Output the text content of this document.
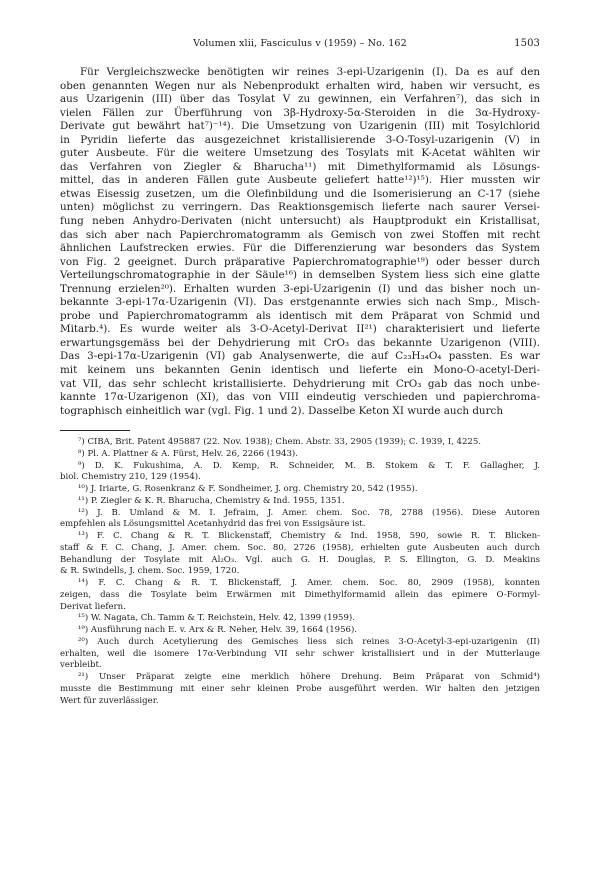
Volumen xlii, Fasciculus v (1959) – No. 162	1503
Für Vergleichszwecke benötigten wir reines 3-epi-Uzarigenin (I). Da es auf den
oben genannten Wegen nur als Nebenprodukt erhalten wird, haben wir versucht, es
aus Uzarigenin (III) über das Tosylat V zu gewinnen, ein Verfahren⁷), das sich in
vielen Fällen zur Überführung von 3β-Hydroxy-5α-Steroiden in die 3α-Hydroxy-
Derivate gut bewährt hat⁷)⁻¹⁴). Die Umsetzung von Uzarigenin (III) mit Tosylchlorid
in Pyridin lieferte das ausgezeichnet kristallisierende 3-O-Tosyl-uzarigenin (V) in
guter Ausbeute. Für die weitere Umsetzung des Tosylats mit K-Acetat wählten wir
das Verfahren von Ziegler & Bharucha¹¹) mit Dimethylformamid als Lösungs-
mittel, das in anderen Fällen gute Ausbeute geliefert hatte¹²)¹⁵). Hier mussten wir
etwas Eisessig zusetzen, um die Olefinbildung und die Isomerisierung an C-17 (siehe
unten) möglichst zu verringern. Das Reaktionsgemisch lieferte nach saurer Versei-
fung neben Anhydro-Derivaten (nicht untersucht) als Hauptprodukt ein Kristallisat,
das sich aber nach Papierchromatogramm als Gemisch von zwei Stoffen mit recht
ähnlichen Laufstrecken erwies. Für die Differenzierung war besonders das System
von Fig. 2 geeignet. Durch präparative Papierchromatographie¹⁹) oder besser durch
Verteilungschromatographie in der Säule¹⁶) in demselben System liess sich eine glatte
Trennung erzielen²⁰). Erhalten wurden 3-epi-Uzarigenin (I) und das bisher noch un-
bekannte 3-epi-17α-Uzarigenin (VI). Das erstgenannte erwies sich nach Smp., Misch-
probe und Papierchromatogramm als identisch mit dem Präparat von Schmid und
Mitarb.⁴). Es wurde weiter als 3-O-Acetyl-Derivat II²¹) charakterisiert und lieferte
erwartungsgemäss bei der Dehydrierung mit CrO₃ das bekannte Uzarigenon (VIII).
Das 3-epi-17α-Uzarigenin (VI) gab Analysenwerte, die auf C₂₃H₃₄O₄ passten. Es war
mit keinem uns bekannten Genin identisch und lieferte ein Mono-O-acetyl-Deri-
vat VII, das sehr schlecht kristallisierte. Dehydrierung mit CrO₃ gab das noch unbe-
kannte 17α-Uzarigenon (XI), das von VIII eindeutig verschieden und papierchroma-
tographisch einheitlich war (vgl. Fig. 1 und 2). Dasselbe Keton XI wurde auch durch
⁷) CIBA, Brit. Patent 495887 (22. Nov. 1938); Chem. Abstr. 33, 2905 (1939); C. 1939, I, 4225.
⁸) Pl. A. Plattner & A. Fürst, Helv. 26, 2266 (1943).
⁹) D. K. Fukushima, A. D. Kemp, R. Schneider, M. B. Stokem & T. F. Gallagher, J.
biol. Chemistry 210, 129 (1954).
¹⁰) J. Iriarte, G. Rosenkranz & F. Sondheimer, J. org. Chemistry 20, 542 (1955).
¹¹) P. Ziegler & K. R. Bharucha, Chemistry & Ind. 1955, 1351.
¹²) J. B. Umland & M. I. Jefraim, J. Amer. chem. Soc. 78, 2788 (1956). Diese Autoren
empfehlen als Lösungsmittel Acetanhydrid das frei von Essigsäure ist.
¹³) F. C. Chang & R. T. Blickenstaff, Chemistry & Ind. 1958, 590, sowie R. T. Blicken-
staff & F. C. Chang, J. Amer. chem. Soc. 80, 2726 (1958), erhielten gute Ausbeuten auch durch
Behandlung der Tosylate mit Al₂O₃. Vgl. auch G. H. Douglas, P. S. Ellington, G. D. Meakins
& R. Swindells, J. chem. Soc. 1959, 1720.
¹⁴) F. C. Chang & R. T. Blickenstaff, J. Amer. chem. Soc. 80, 2909 (1958), konnten
zeigen, dass die Tosylate beim Erwärmen mit Dimethylformamid allein das epimere O-Formyl-
Derivat liefern.
¹⁵) W. Nagata, Ch. Tamm & T. Reichstein, Helv. 42, 1399 (1959).
¹⁹) Ausführung nach E. v. Arx & R. Neher, Helv. 39, 1664 (1956).
²⁰) Auch durch Acetylierung des Gemisches liess sich reines 3-O-Acetyl-3-epi-uzarigenin (II)
erhalten, weil die isomere 17α-Verbindung VII sehr schwer kristallisiert und in der Mutterlauge
verbleibt.
²¹) Unser Präparat zeigte eine merklich höhere Drehung. Beim Präparat von Schmid⁴)
musste die Bestimmung mit einer sehr kleinen Probe ausgeführt werden. Wir halten den jetzigen
Wert für zuverlässiger.
